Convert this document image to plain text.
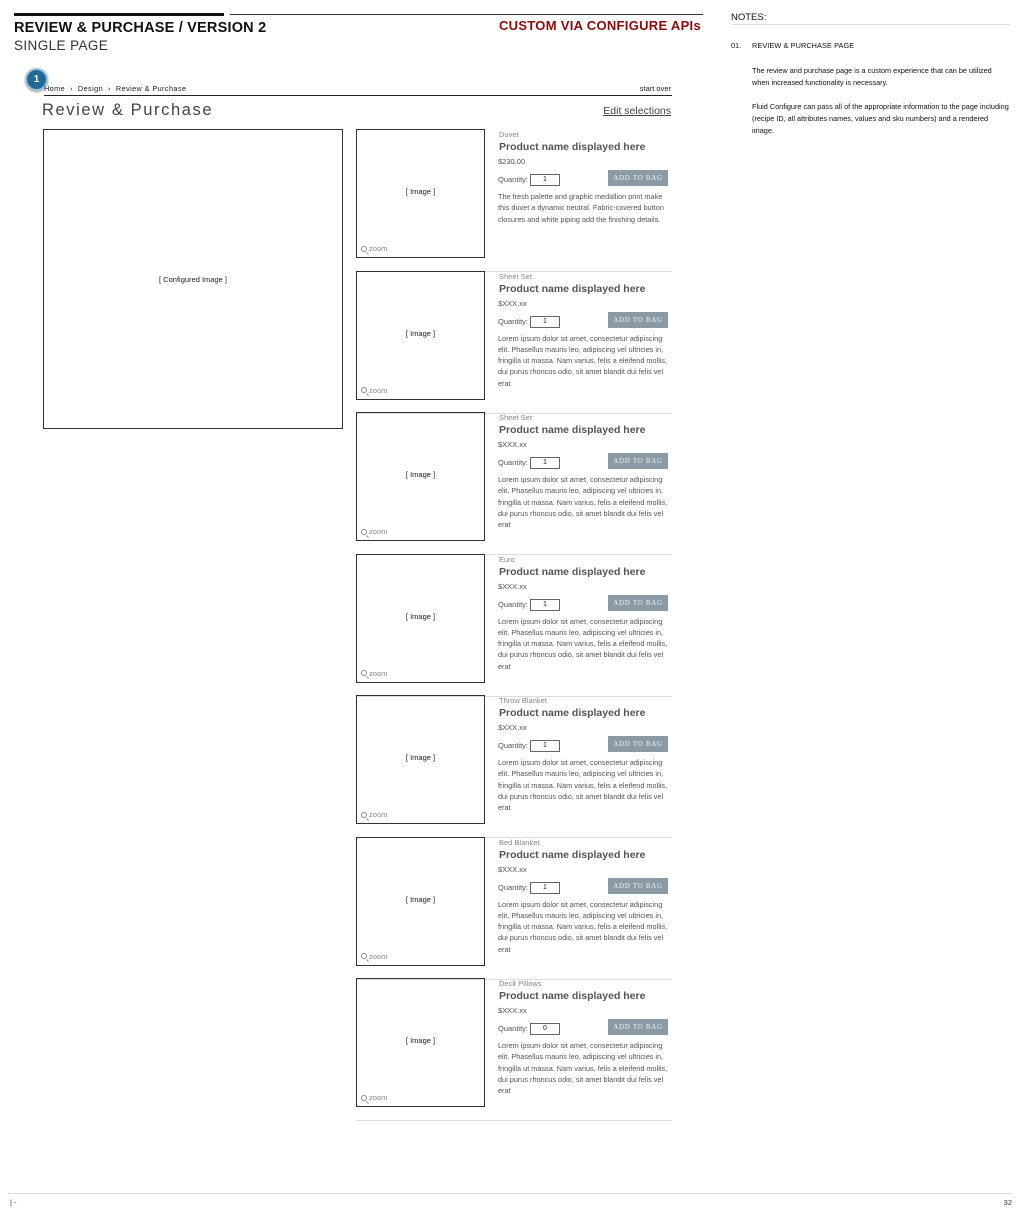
REVIEW & PURCHASE / VERSION 2
SINGLE PAGE
CUSTOM VIA CONFIGURE APIs
NOTES:
01. REVIEW & PURCHASE PAGE
The review and purchase page is a custom experience that can be utilized when increased functionality is necessary.
Fluid Configure can pass all of the appropriate information to the page including (recipe ID, all attributes names, values and sku numbers) and a rendered image.
1
Home › Design › Review & Purchase	start over
Review & Purchase	Edit selections
[ Configured Image ]
[ Image ]
zoom
Duvet
Product name displayed here
$230.00
Quantity:	1	ADD TO BAG
The fresh palette and graphic medallion print make this duvet a dynamic neutral. Fabric-covered button closures and white piping add the finishing details.
[ Image ]
zoom
Sheet Set
Product name displayed here
$XXX.xx
Quantity:	1	ADD TO BAG
Lorem ipsum dolor sit amet, consectetur adipiscing elit. Phasellus mauris leo, adipiscing vel ultricies in, fringilla ut massa. Nam varius, felis a eleifend mollis, dui purus rhoncus odio, sit amet blandit dui felis vel erat
[ Image ]
zoom
Sheet Set
Product name displayed here
$XXX.xx
Quantity:	1	ADD TO BAG
Lorem ipsum dolor sit amet, consectetur adipiscing elit. Phasellus mauris leo, adipiscing vel ultricies in, fringilla ut massa. Nam varius, felis a eleifend mollis, dui purus rhoncus odio, sit amet blandit dui felis vel erat
[ Image ]
zoom
Euro
Product name displayed here
$XXX.xx
Quantity:	1	ADD TO BAG
Lorem ipsum dolor sit amet, consectetur adipiscing elit. Phasellus mauris leo, adipiscing vel ultricies in, fringilla ut massa. Nam varius, felis a eleifend mollis, dui purus rhoncus odio, sit amet blandit dui felis vel erat
[ Image ]
zoom
Throw Blanket
Product name displayed here
$XXX.xx
Quantity:	1	ADD TO BAG
Lorem ipsum dolor sit amet, consectetur adipiscing elit. Phasellus mauris leo, adipiscing vel ultricies in, fringilla ut massa. Nam varius, felis a eleifend mollis, dui purus rhoncus odio, sit amet blandit dui felis vel erat
[ Image ]
zoom
Bed Blanket
Product name displayed here
$XXX.xx
Quantity:	1	ADD TO BAG
Lorem ipsum dolor sit amet, consectetur adipiscing elit. Phasellus mauris leo, adipiscing vel ultricies in, fringilla ut massa. Nam varius, felis a eleifend mollis, dui purus rhoncus odio, sit amet blandit dui felis vel erat
[ Image ]
zoom
Deck Pillows
Product name displayed here
$XXX.xx
Quantity:	0	ADD TO BAG
Lorem ipsum dolor sit amet, consectetur adipiscing elit. Phasellus mauris leo, adipiscing vel ultricies in, fringilla ut massa. Nam varius, felis a eleifend mollis, dui purus rhoncus odio, sit amet blandit dui felis vel erat
| -	32
